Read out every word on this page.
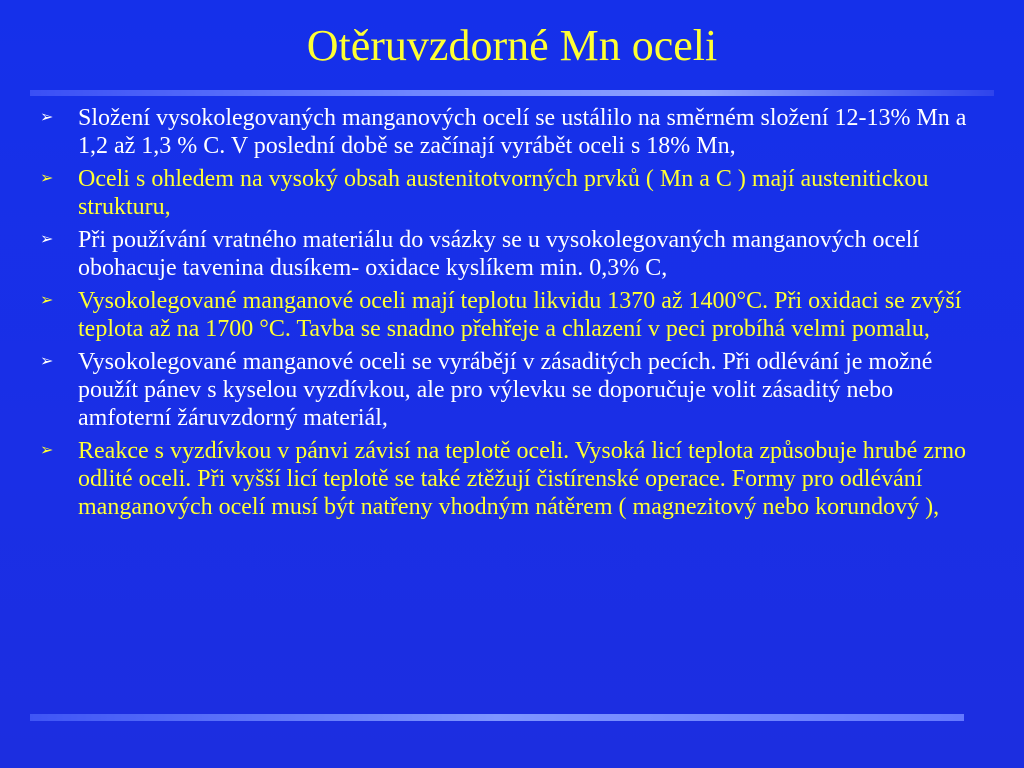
Otěruvzdorné Mn oceli
➢ Složení vysokolegovaných manganových ocelí se ustálilo na směrném složení 12-13% Mn a 1,2 až 1,3 % C. V poslední době se začínají vyrábět oceli s 18% Mn,
➢ Oceli s ohledem na vysoký obsah austenitotvorných prvků ( Mn a C ) mají austenitickou strukturu,
➢ Při používání vratného materiálu do vsázky se u vysokolegovaných manganových ocelí obohacuje tavenina dusíkem- oxidace kyslíkem min. 0,3% C,
➢ Vysokolegované manganové oceli mají teplotu likvidu 1370 až 1400°C. Při oxidaci se zvýší teplota až na 1700 °C. Tavba se snadno přehřeje a chlazení v peci probíhá velmi pomalu,
➢ Vysokolegované manganové oceli se vyrábějí v zásaditých pecích. Při odlévání je možné použít pánev s kyselou vyzdívkou, ale pro výlevku se doporučuje volit zásaditý nebo amfoterní žáruvzdorný materiál,
➢ Reakce s vyzdívkou v pánvi závisí na teplotě oceli. Vysoká licí teplota způsobuje hrubé zrno odlité oceli. Při vyšší licí teplotě se také ztěžují čistírenské operace. Formy pro odlévání manganových ocelí musí být natřeny vhodným nátěrem ( magnezitový nebo korundový ),
